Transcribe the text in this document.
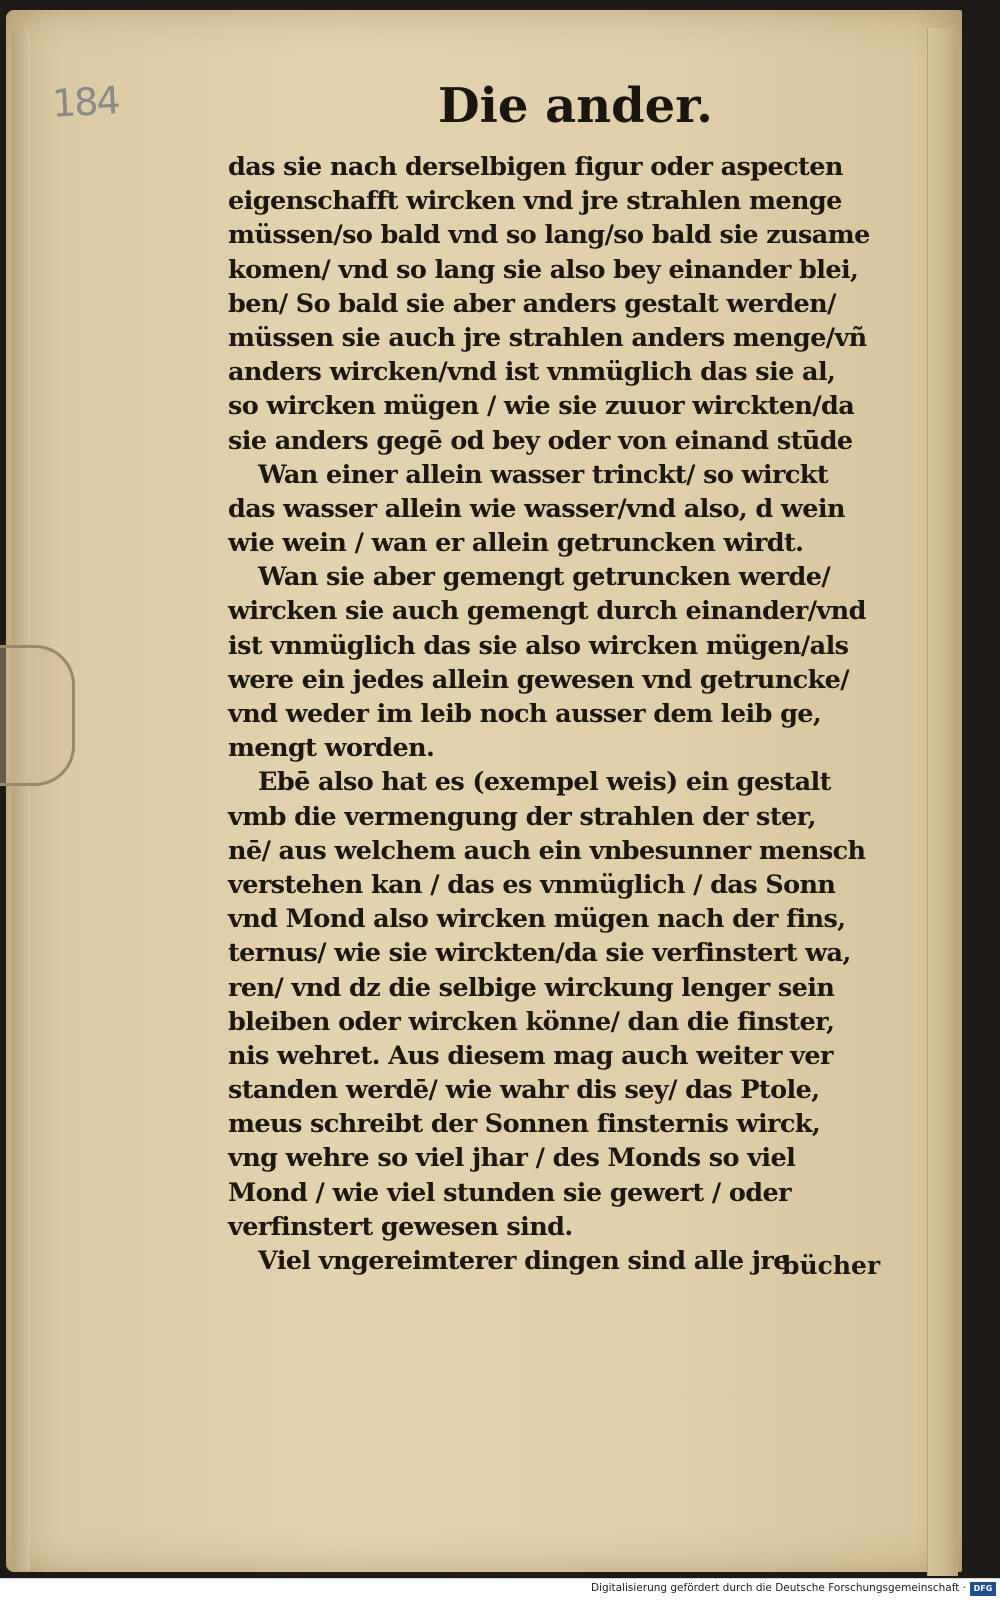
184	Die ander.
das sie nach derselbigen figur oder aspecten
eigenschafft wircken vnd jre strahlen menge
müssen/so bald vnd so lang/so bald sie zusame
komen/ vnd so lang sie also bey einander blei,
ben/ So bald sie aber anders gestalt werden/
müssen sie auch jre strahlen anders menge/vñ
anders wircken/vnd ist vnmüglich das sie al,
so wircken mügen / wie sie zuuor wirckten/da
sie anders gegē od bey oder von einand stūde
Wan einer allein wasser trinckt/ so wirckt
das wasser allein wie wasser/vnd also, d wein
wie wein / wan er allein getruncken wirdt.
Wan sie aber gemengt getruncken werde/
wircken sie auch gemengt durch einander/vnd
ist vnmüglich das sie also wircken mügen/als
were ein jedes allein gewesen vnd getruncke/
vnd weder im leib noch ausser dem leib ge,
mengt worden.
Ebē also hat es (exempel weis) ein gestalt
vmb die vermengung der strahlen der ster,
nē/ aus welchem auch ein vnbesunner mensch
verstehen kan / das es vnmüglich / das Sonn
vnd Mond also wircken mügen nach der fins,
ternus/ wie sie wirckten/da sie verfinstert wa,
ren/ vnd dz die selbige wirckung lenger sein
bleiben oder wircken könne/ dan die finster,
nis wehret. Aus diesem mag auch weiter ver
standen werdē/ wie wahr dis sey/ das Ptole,
meus schreibt der Sonnen finsternis wirck,
vng wehre so viel jhar / des Monds so viel
Mond / wie viel stunden sie gewert / oder
verfinstert gewesen sind.
Viel vngereimterer dingen sind alle jre
bücher
Digitalisierung gefördert durch die Deutsche Forschungsgemeinschaft · DFG
